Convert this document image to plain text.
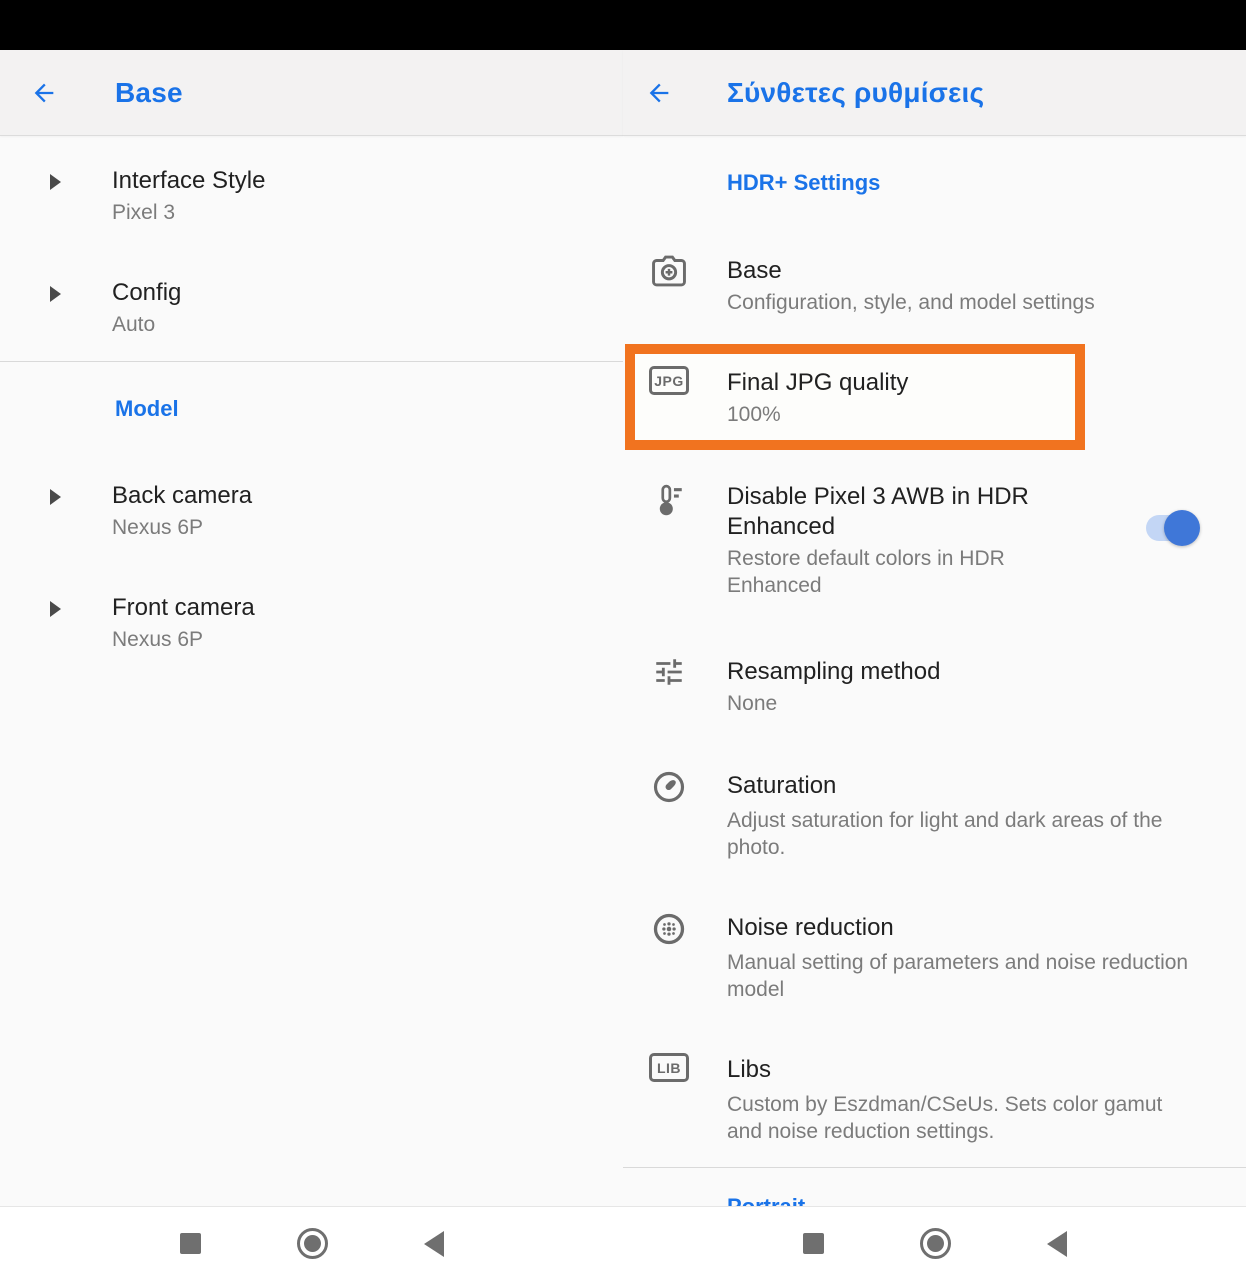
Base
Interface Style
Pixel 3
Config
Auto
Model
Back camera
Nexus 6P
Front camera
Nexus 6P
Σύνθετες ρυθμίσεις
HDR+ Settings
Base
Configuration, style, and model settings
JPG Final JPG quality
100%
Disable Pixel 3 AWB in HDR Enhanced
Restore default colors in HDR Enhanced
Resampling method
None
Saturation
Adjust saturation for light and dark areas of the photo.
Noise reduction
Manual setting of parameters and noise reduction model
LIB	Libs
Custom by Eszdman/CSeUs. Sets color gamut and noise reduction settings.
